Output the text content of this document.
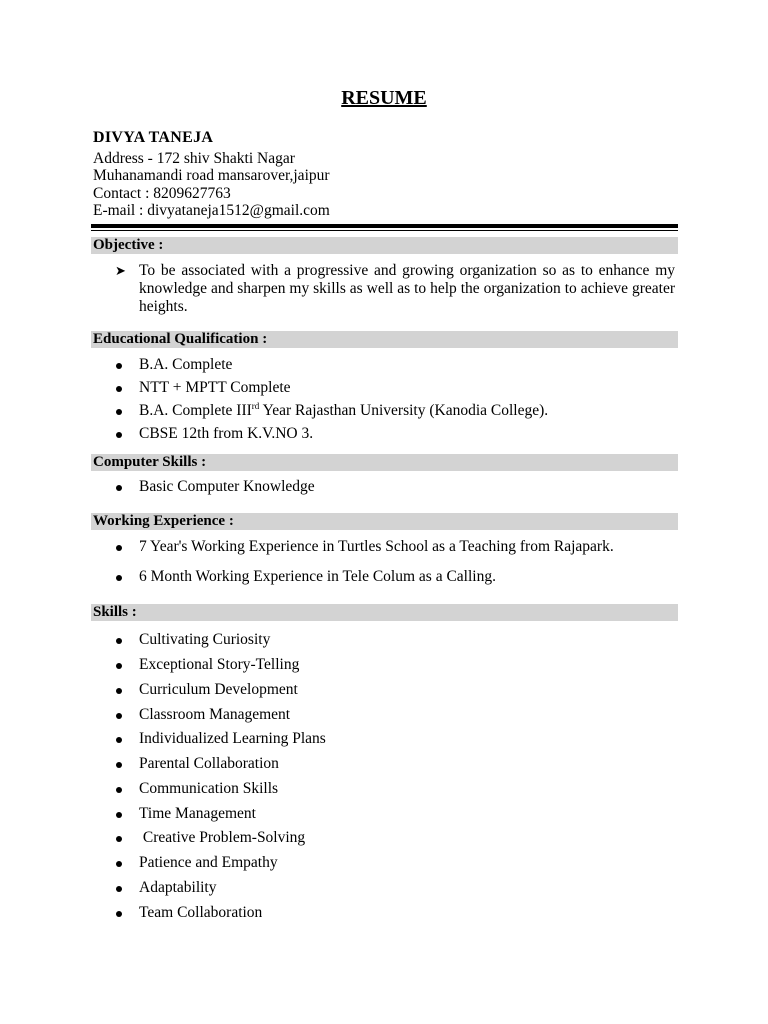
RESUME
DIVYA TANEJA
Address - 172 shiv Shakti Nagar
Muhanamandi road mansarover,jaipur
Contact : 8209627763
E-mail : divyataneja1512@gmail.com
Objective :
➤ To be associated with a progressive and growing organization so as to enhance my knowledge and sharpen my skills as well as to help the organization to achieve greater heights.
Educational Qualification :
B.A. Complete
NTT + MPTT Complete
B.A. Complete IIIrd Year Rajasthan University (Kanodia College).
CBSE 12th from K.V.NO 3.
Computer Skills :
Basic Computer Knowledge
Working Experience :
7 Year's Working Experience in Turtles School as a Teaching from Rajapark.
6 Month Working Experience in Tele Colum as a Calling.
Skills :
Cultivating Curiosity
Exceptional Story-Telling
Curriculum Development
Classroom Management
Individualized Learning Plans
Parental Collaboration
Communication Skills
Time Management
Creative Problem-Solving
Patience and Empathy
Adaptability
Team Collaboration
